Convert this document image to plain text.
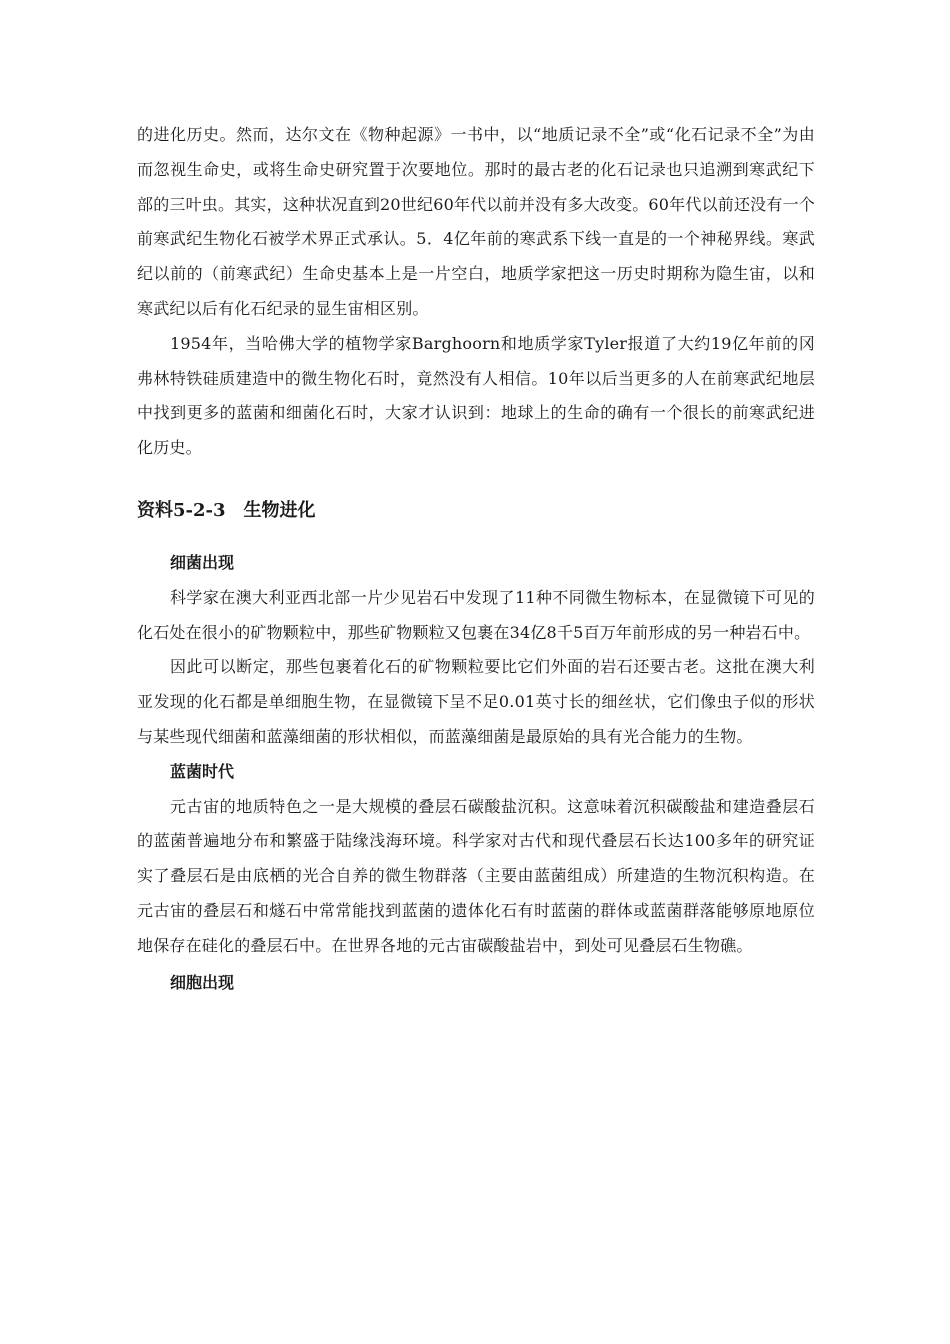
的进化历史。然而，达尔文在《物种起源》一书中，以“地质记录不全”或“化石记录不全”为由而忽视生命史，或将生命史研究置于次要地位。那时的最古老的化石记录也只追溯到寒武纪下部的三叶虫。其实，这种状况直到20世纪60年代以前并没有多大改变。60年代以前还没有一个前寒武纪生物化石被学术界正式承认。5．4亿年前的寒武系下线一直是的一个神秘界线。寒武纪以前的（前寒武纪）生命史基本上是一片空白，地质学家把这一历史时期称为隐生宙，以和寒武纪以后有化石纪录的显生宙相区别。

1954年，当哈佛大学的植物学家Barghoorn和地质学家Tyler报道了大约19亿年前的冈弗林特铁硅质建造中的微生物化石时，竟然没有人相信。10年以后当更多的人在前寒武纪地层中找到更多的蓝菌和细菌化石时，大家才认识到：地球上的生命的确有一个很长的前寒武纪进化历史。

资料5-2-3　生物进化
细菌出现

科学家在澳大利亚西北部一片少见岩石中发现了11种不同微生物标本，在显微镜下可见的化石处在很小的矿物颗粒中，那些矿物颗粒又包裹在34亿8千5百万年前形成的另一种岩石中。

因此可以断定，那些包裹着化石的矿物颗粒要比它们外面的岩石还要古老。这批在澳大利亚发现的化石都是单细胞生物，在显微镜下呈不足0.01英寸长的细丝状，它们像虫子似的形状与某些现代细菌和蓝藻细菌的形状相似，而蓝藻细菌是最原始的具有光合能力的生物。

蓝菌时代

元古宙的地质特色之一是大规模的叠层石碳酸盐沉积。这意味着沉积碳酸盐和建造叠层石的蓝菌普遍地分布和繁盛于陆缘浅海环境。科学家对古代和现代叠层石长达100多年的研究证实了叠层石是由底栖的光合自养的微生物群落（主要由蓝菌组成）所建造的生物沉积构造。在元古宙的叠层石和燧石中常常能找到蓝菌的遗体化石有时蓝菌的群体或蓝菌群落能够原地原位地保存在硅化的叠层石中。在世界各地的元古宙碳酸盐岩中，到处可见叠层石生物礁。

细胞出现
